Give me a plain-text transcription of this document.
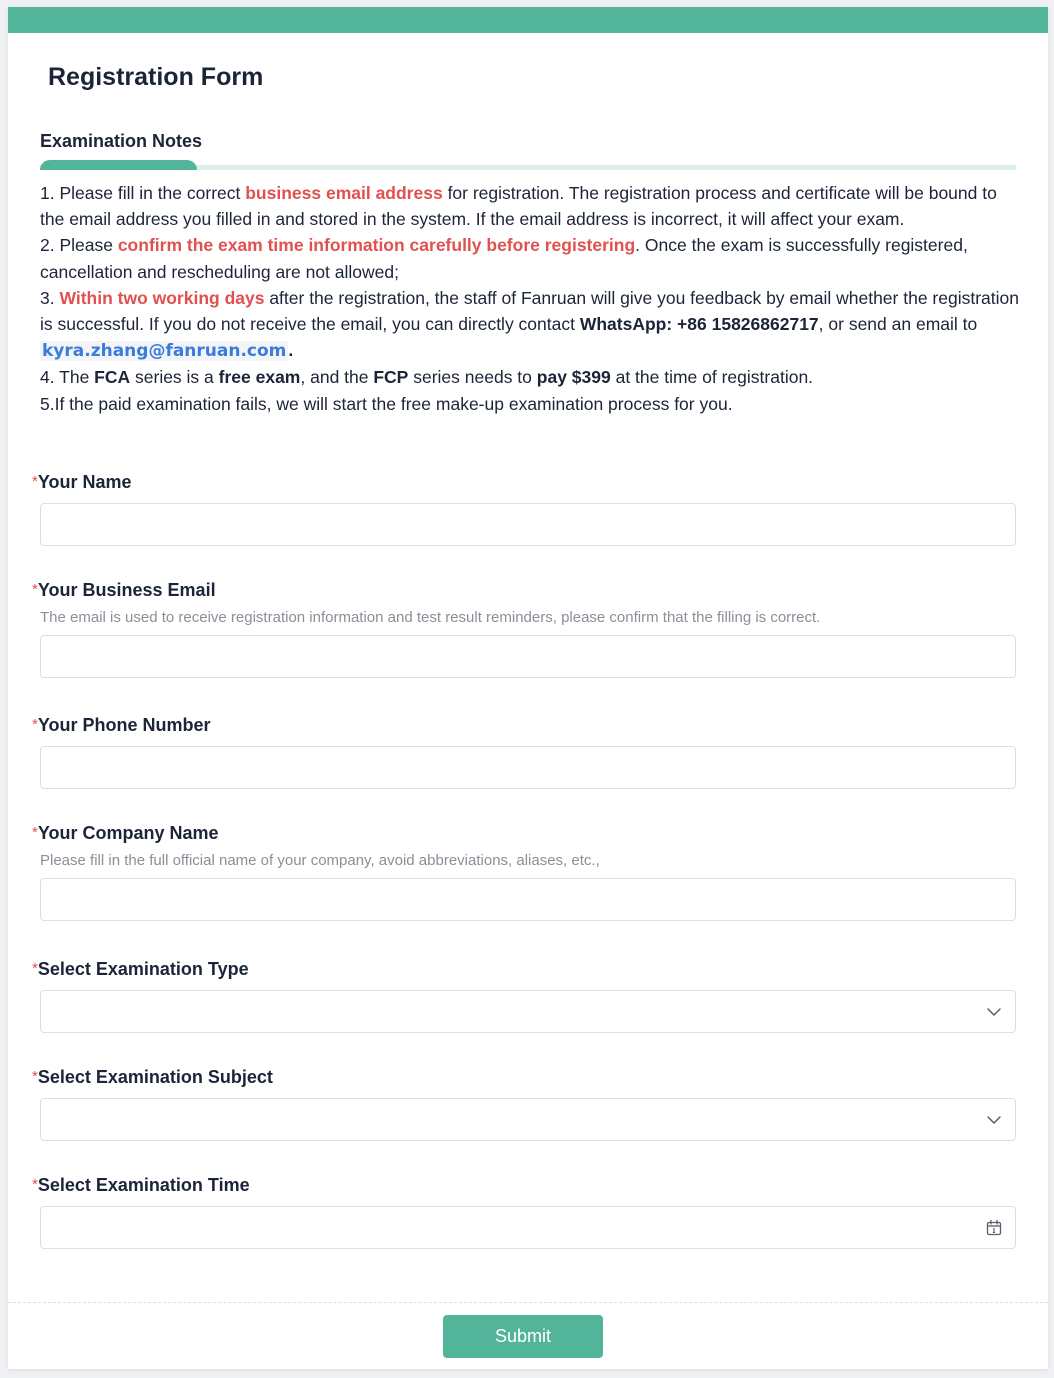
Registration Form
Examination Notes
1. Please fill in the correct business email address for registration. The registration process and certificate will be bound to the email address you filled in and stored in the system. If the email address is incorrect, it will affect your exam.
2. Please confirm the exam time information carefully before registering. Once the exam is successfully registered, cancellation and rescheduling are not allowed;
3. Within two working days after the registration, the staff of Fanruan will give you feedback by email whether the registration is successful. If you do not receive the email, you can directly contact WhatsApp: +86 15826862717, or send an email to kyra.zhang@fanruan.com .
4. The FCA series is a free exam, and the FCP series needs to pay $399 at the time of registration.
5.If the paid examination fails, we will start the free make-up examination process for you.
*Your Name
*Your Business Email
The email is used to receive registration information and test result reminders, please confirm that the filling is correct.
*Your Phone Number
*Your Company Name
Please fill in the full official name of your company, avoid abbreviations, aliases, etc.,
*Select Examination Type
*Select Examination Subject
*Select Examination Time
Submit
